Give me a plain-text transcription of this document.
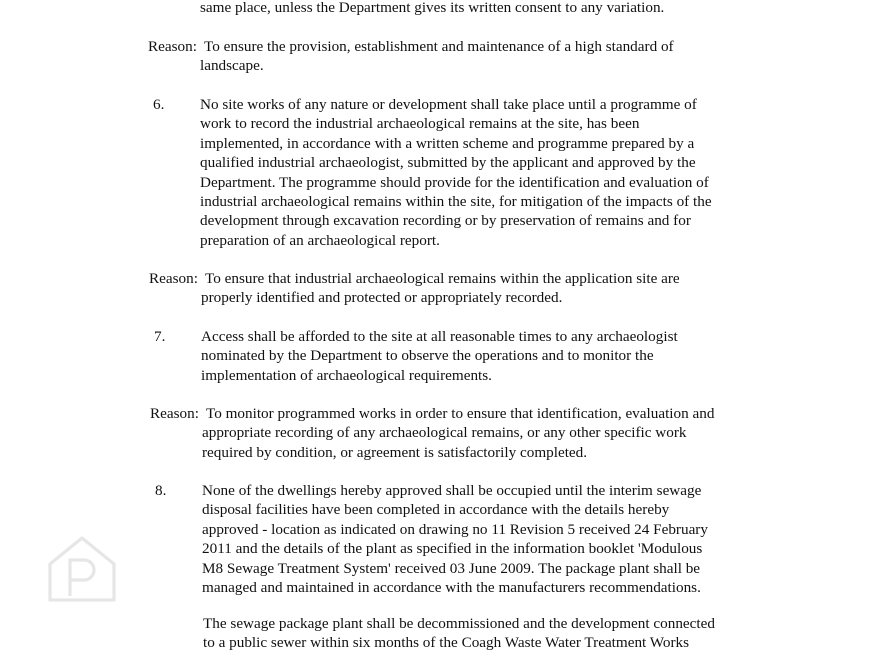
same place, unless the Department gives its written consent to any variation.
Reason: To ensure the provision, establishment and maintenance of a high standard of
landscape.
6. No site works of any nature or development shall take place until a programme of
work to record the industrial archaeological remains at the site, has been
implemented, in accordance with a written scheme and programme prepared by a
qualified industrial archaeologist, submitted by the applicant and approved by the
Department. The programme should provide for the identification and evaluation of
industrial archaeological remains within the site, for mitigation of the impacts of the
development through excavation recording or by preservation of remains and for
preparation of an archaeological report.
Reason: To ensure that industrial archaeological remains within the application site are
properly identified and protected or appropriately recorded.
7. Access shall be afforded to the site at all reasonable times to any archaeologist
nominated by the Department to observe the operations and to monitor the
implementation of archaeological requirements.
Reason: To monitor programmed works in order to ensure that identification, evaluation and
appropriate recording of any archaeological remains, or any other specific work
required by condition, or agreement is satisfactorily completed.
8. None of the dwellings hereby approved shall be occupied until the interim sewage
disposal facilities have been completed in accordance with the details hereby
approved - location as indicated on drawing no 11 Revision 5 received 24 February
2011 and the details of the plant as specified in the information booklet 'Modulous
M8 Sewage Treatment System' received 03 June 2009. The package plant shall be
managed and maintained in accordance with the manufacturers recommendations.
The sewage package plant shall be decommissioned and the development connected
to a public sewer within six months of the Coagh Waste Water Treatment Works
